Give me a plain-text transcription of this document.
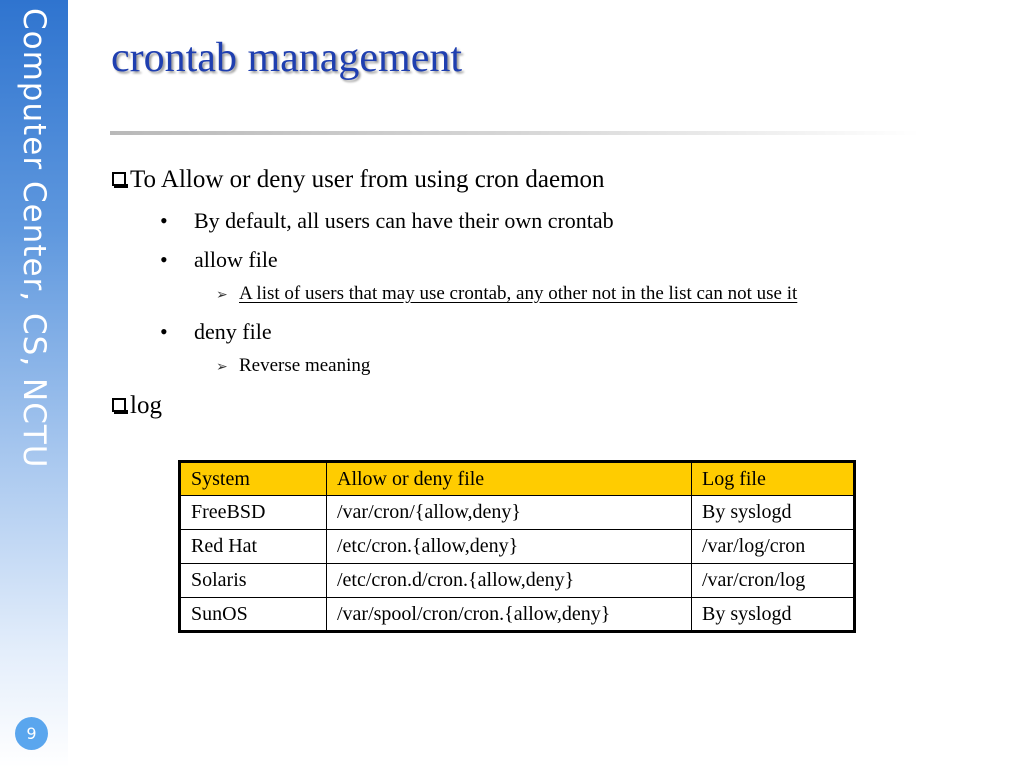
Computer Center, CS, NCTU
9
crontab management
To Allow or deny user from using cron daemon
• By default, all users can have their own crontab
• allow file
➢ A list of users that may use crontab, any other not in the list can not use it
• deny file
➢ Reverse meaning
log
System	Allow or deny file	Log file
FreeBSD	/var/cron/{allow,deny}	By syslogd
Red Hat	/etc/cron.{allow,deny}	/var/log/cron
Solaris	/etc/cron.d/cron.{allow,deny}	/var/cron/log
SunOS	/var/spool/cron/cron.{allow,deny}	By syslogd
